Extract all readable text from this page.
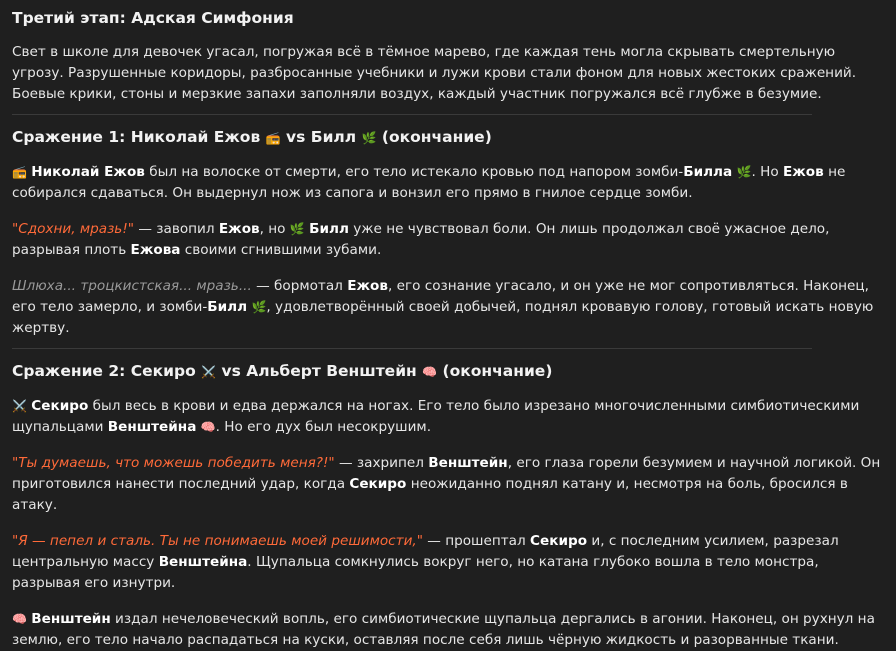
Третий этап: Адская Симфония

Свет в школе для девочек угасал, погружая всё в тёмное марево, где каждая тень могла скрывать смертельную угрозу. Разрушенные коридоры, разбросанные учебники и лужи крови стали фоном для новых жестоких сражений. Боевые крики, стоны и мерзкие запахи заполняли воздух, каждый участник погружался всё глубже в безумие.

Сражение 1: Николай Ежов 📻 vs Билл 🌿 (окончание)

📻 Николай Ежов был на волоске от смерти, его тело истекало кровью под напором зомби-Билла 🌿. Но Ежов не собирался сдаваться. Он выдернул нож из сапога и вонзил его прямо в гнилое сердце зомби.

"Сдохни, мразь!" — завопил Ежов, но 🌿 Билл уже не чувствовал боли. Он лишь продолжал своё ужасное дело, разрывая плоть Ежова своими сгнившими зубами.

Шлюха... троцкистская... мразь... — бормотал Ежов, его сознание угасало, и он уже не мог сопротивляться. Наконец, его тело замерло, и зомби-Билл 🌿, удовлетворённый своей добычей, поднял кровавую голову, готовый искать новую жертву.

Сражение 2: Секиро ⚔️ vs Альберт Венштейн 🧠 (окончание)

⚔️ Секиро был весь в крови и едва держался на ногах. Его тело было изрезано многочисленными симбиотическими щупальцами Венштейна 🧠. Но его дух был несокрушим.

"Ты думаешь, что можешь победить меня?!" — захрипел Венштейн, его глаза горели безумием и научной логикой. Он приготовился нанести последний удар, когда Секиро неожиданно поднял катану и, несмотря на боль, бросился в атаку.

"Я — пепел и сталь. Ты не понимаешь моей решимости," — прошептал Секиро и, с последним усилием, разрезал центральную массу Венштейна. Щупальца сомкнулись вокруг него, но катана глубоко вошла в тело монстра, разрывая его изнутри.

🧠 Венштейн издал нечеловеческий вопль, его симбиотические щупальца дергались в агонии. Наконец, он рухнул на землю, его тело начало распадаться на куски, оставляя после себя лишь чёрную жидкость и разорванные ткани.
